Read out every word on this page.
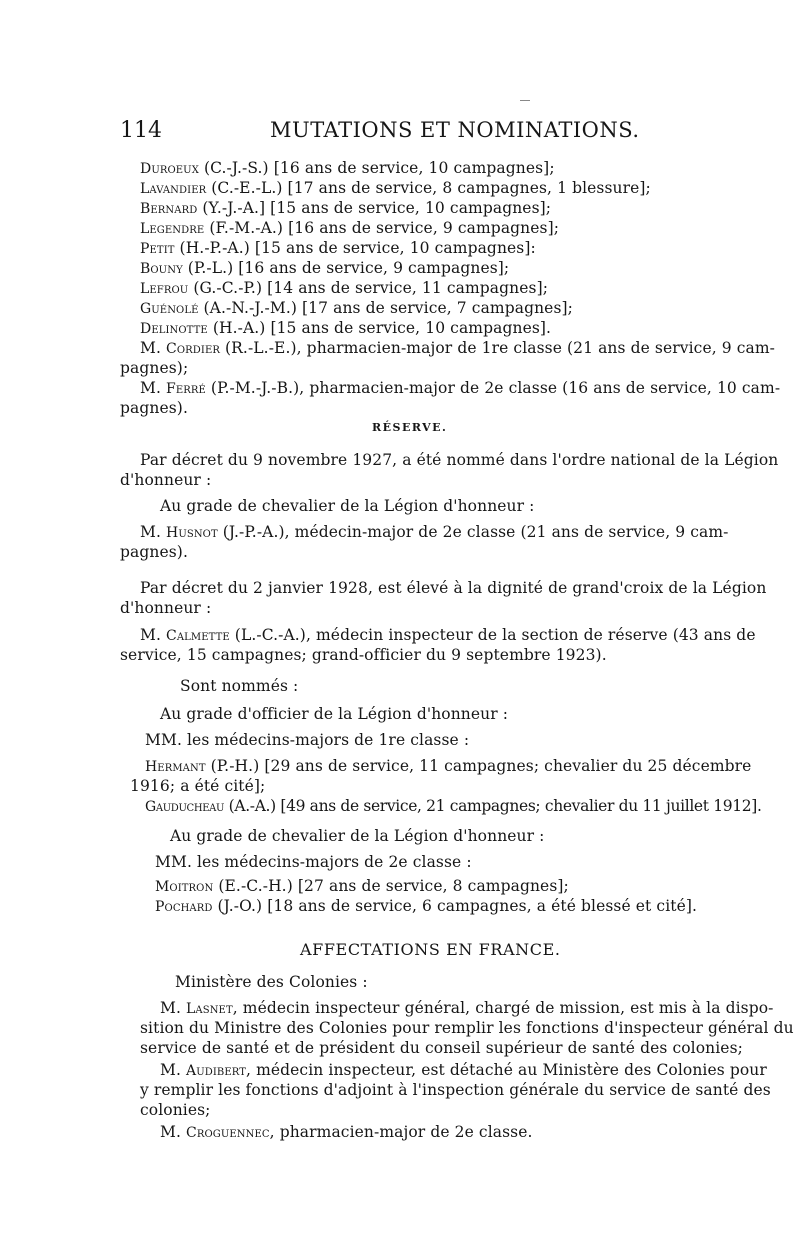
114	MUTATIONS ET NOMINATIONS.
Duroeux (C.-J.-S.) [16 ans de service, 10 campagnes];
Lavandier (C.-E.-L.) [17 ans de service, 8 campagnes, 1 blessure];
Bernard (Y.-J.-A.] [15 ans de service, 10 campagnes];
Legendre (F.-M.-A.) [16 ans de service, 9 campagnes];
Petit (H.-P.-A.) [15 ans de service, 10 campagnes]:
Bouny (P.-L.) [16 ans de service, 9 campagnes];
Lefrou (G.-C.-P.) [14 ans de service, 11 campagnes];
Guénolé (A.-N.-J.-M.) [17 ans de service, 7 campagnes];
Delinotte (H.-A.) [15 ans de service, 10 campagnes].
M. Cordier (R.-L.-E.), pharmacien-major de 1re classe (21 ans de service, 9 cam-
pagnes);
M. Ferré (P.-M.-J.-B.), pharmacien-major de 2e classe (16 ans de service, 10 cam-
pagnes).
RÉSERVE.
Par décret du 9 novembre 1927, a été nommé dans l'ordre national de la Légion
d'honneur :
Au grade de chevalier de la Légion d'honneur :
M. Husnot (J.-P.-A.), médecin-major de 2e classe (21 ans de service, 9 cam-
pagnes).
Par décret du 2 janvier 1928, est élevé à la dignité de grand'croix de la Légion
d'honneur :
M. Calmette (L.-C.-A.), médecin inspecteur de la section de réserve (43 ans de
service, 15 campagnes; grand-officier du 9 septembre 1923).
Sont nommés :
Au grade d'officier de la Légion d'honneur :
MM. les médecins-majors de 1re classe :
Hermant (P.-H.) [29 ans de service, 11 campagnes; chevalier du 25 décembre
1916; a été cité];
Gauducheau (A.-A.) [49 ans de service, 21 campagnes; chevalier du 11 juillet 1912].
Au grade de chevalier de la Légion d'honneur :
MM. les médecins-majors de 2e classe :
Moitron (E.-C.-H.) [27 ans de service, 8 campagnes];
Pochard (J.-O.) [18 ans de service, 6 campagnes, a été blessé et cité].
AFFECTATIONS EN FRANCE.
Ministère des Colonies :
M. Lasnet, médecin inspecteur général, chargé de mission, est mis à la dispo-
sition du Ministre des Colonies pour remplir les fonctions d'inspecteur général du
service de santé et de président du conseil supérieur de santé des colonies;
M. Audibert, médecin inspecteur, est détaché au Ministère des Colonies pour
y remplir les fonctions d'adjoint à l'inspection générale du service de santé des
colonies;
M. Croguennec, pharmacien-major de 2e classe.
